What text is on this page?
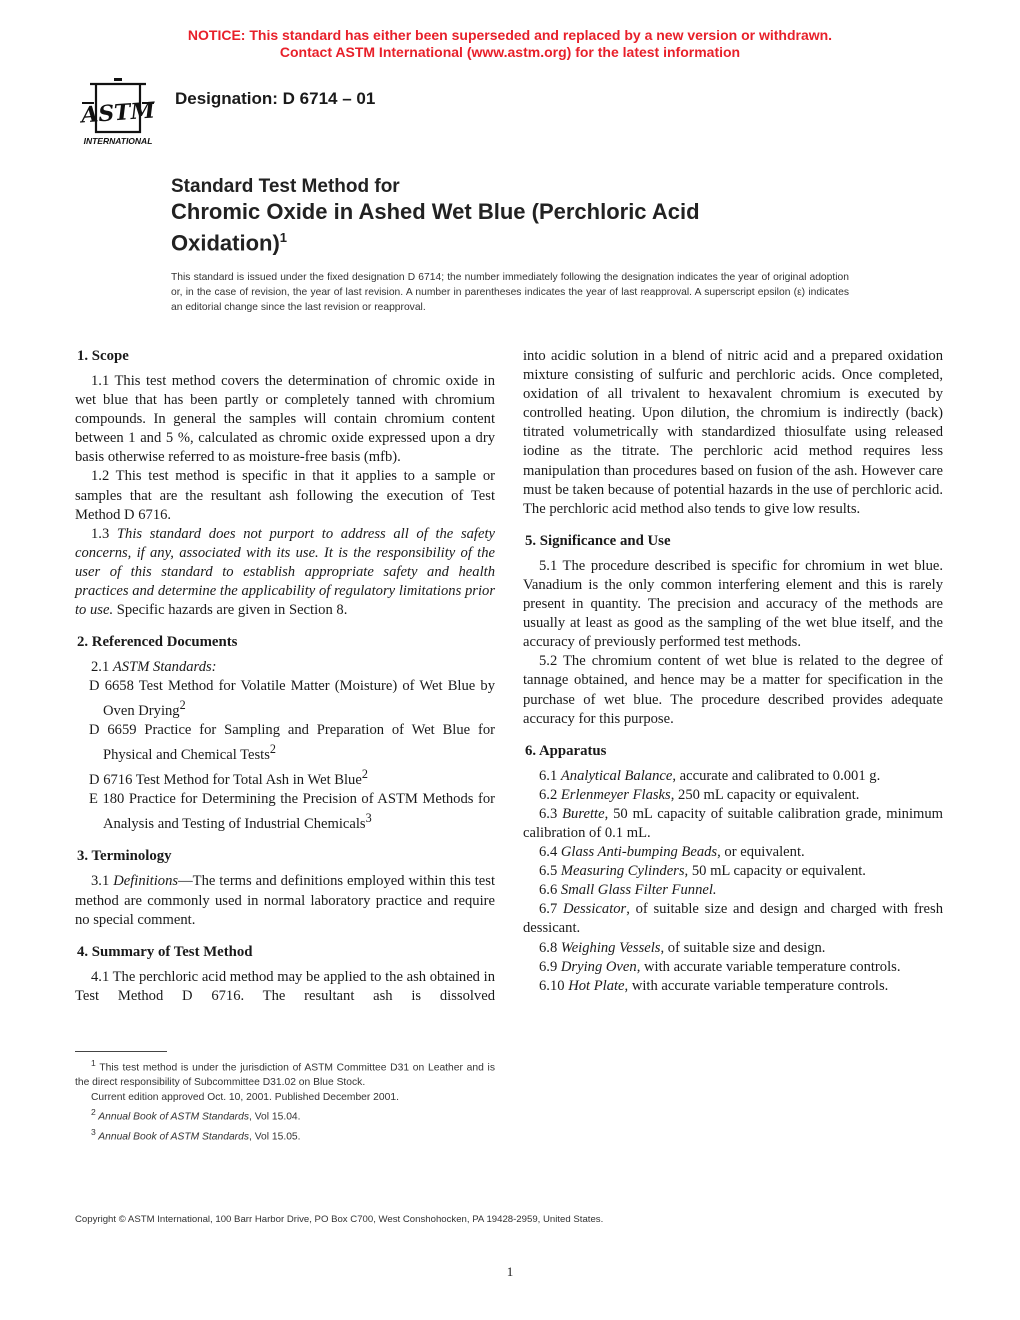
NOTICE: This standard has either been superseded and replaced by a new version or withdrawn.
Contact ASTM International (www.astm.org) for the latest information
ASTM
INTERNATIONAL
Designation: D 6714 – 01
Standard Test Method for
Chromic Oxide in Ashed Wet Blue (Perchloric Acid
Oxidation)$^1$
This standard is issued under the fixed designation D 6714; the number immediately following the designation indicates the year of original adoption or, in the case of revision, the year of last revision. A number in parentheses indicates the year of last reapproval. A superscript epsilon (ε) indicates an editorial change since the last revision or reapproval.
1. Scope

1.1 This test method covers the determination of chromic oxide in wet blue that has been partly or completely tanned with chromium compounds. In general the samples will contain chromium content between 1 and 5 %, calculated as chromic oxide expressed upon a dry basis otherwise referred to as moisture-free basis (mfb).

1.2 This test method is specific in that it applies to a sample or samples that are the resultant ash following the execution of Test Method D 6716.

1.3 This standard does not purport to address all of the safety concerns, if any, associated with its use. It is the responsibility of the user of this standard to establish appropriate safety and health practices and determine the applicability of regulatory limitations prior to use. Specific hazards are given in Section 8.

2. Referenced Documents

2.1 ASTM Standards:

D 6658 Test Method for Volatile Matter (Moisture) of Wet Blue by Oven Drying$^2$

D 6659 Practice for Sampling and Preparation of Wet Blue for Physical and Chemical Tests$^2$

D 6716 Test Method for Total Ash in Wet Blue$^2$

E 180 Practice for Determining the Precision of ASTM Methods for Analysis and Testing of Industrial Chemicals$^3$

3. Terminology

3.1 Definitions—The terms and definitions employed within this test method are commonly used in normal laboratory practice and require no special comment.

4. Summary of Test Method

4.1 The perchloric acid method may be applied to the ash obtained in Test Method D 6716. The resultant ash is dissolved

into acidic solution in a blend of nitric acid and a prepared oxidation mixture consisting of sulfuric and perchloric acids. Once completed, oxidation of all trivalent to hexavalent chromium is executed by controlled heating. Upon dilution, the chromium is indirectly (back) titrated volumetrically with standardized thiosulfate using released iodine as the titrate. The perchloric acid method requires less manipulation than procedures based on fusion of the ash. However care must be taken because of potential hazards in the use of perchloric acid. The perchloric acid method also tends to give low results.

5. Significance and Use

5.1 The procedure described is specific for chromium in wet blue. Vanadium is the only common interfering element and this is rarely present in quantity. The precision and accuracy of the methods are usually at least as good as the sampling of the wet blue itself, and the accuracy of previously performed test methods.

5.2 The chromium content of wet blue is related to the degree of tannage obtained, and hence may be a matter for specification in the purchase of wet blue. The procedure described provides adequate accuracy for this purpose.

6. Apparatus

6.1 Analytical Balance, accurate and calibrated to 0.001 g.

6.2 Erlenmeyer Flasks, 250 mL capacity or equivalent.

6.3 Burette, 50 mL capacity of suitable calibration grade, minimum calibration of 0.1 mL.

6.4 Glass Anti-bumping Beads, or equivalent.

6.5 Measuring Cylinders, 50 mL capacity or equivalent.

6.6 Small Glass Filter Funnel.

6.7 Dessicator, of suitable size and design and charged with fresh dessicant.

6.8 Weighing Vessels, of suitable size and design.

6.9 Drying Oven, with accurate variable temperature controls.

6.10 Hot Plate, with accurate variable temperature controls.

$^1$ This test method is under the jurisdiction of ASTM Committee D31 on Leather and is the direct responsibility of Subcommittee D31.02 on Blue Stock.

Current edition approved Oct. 10, 2001. Published December 2001.

$^2$ Annual Book of ASTM Standards, Vol 15.04.

$^3$ Annual Book of ASTM Standards, Vol 15.05.

Copyright © ASTM International, 100 Barr Harbor Drive, PO Box C700, West Conshohocken, PA 19428-2959, United States.
1
